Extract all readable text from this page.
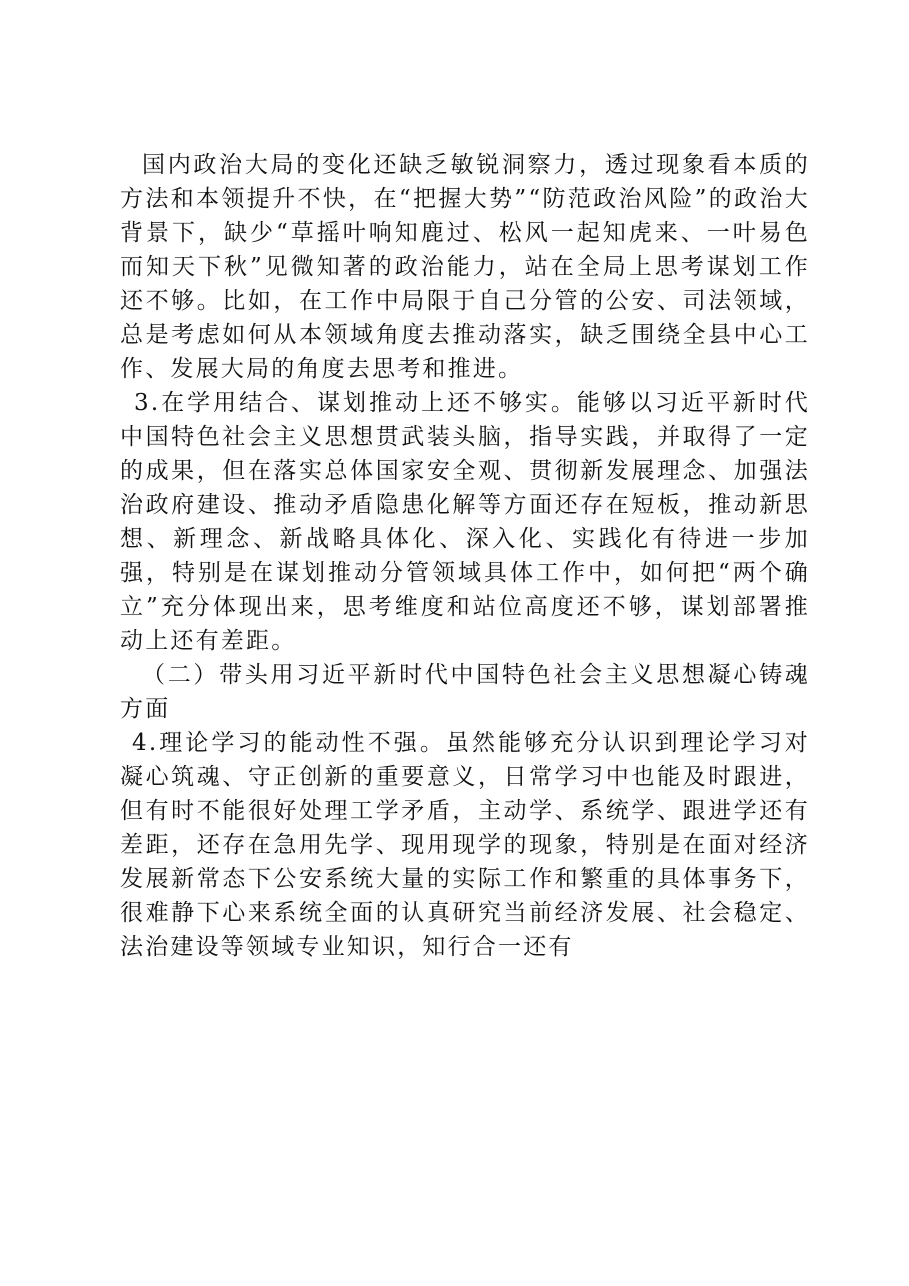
国内政治大局的变化还缺乏敏锐洞察力，透过现象看本质的方法和本领提升不快，在“把握大势”“防范政治风险”的政治大背景下，缺少“草摇叶响知鹿过、松风一起知虎来、一叶易色而知天下秋”见微知著的政治能力，站在全局上思考谋划工作还不够。比如，在工作中局限于自己分管的公安、司法领域，总是考虑如何从本领域角度去推动落实，缺乏围绕全县中心工作、发展大局的角度去思考和推进。

3.在学用结合、谋划推动上还不够实。能够以习近平新时代中国特色社会主义思想贯武装头脑，指导实践，并取得了一定的成果，但在落实总体国家安全观、贯彻新发展理念、加强法治政府建设、推动矛盾隐患化解等方面还存在短板，推动新思想、新理念、新战略具体化、深入化、实践化有待进一步加强，特别是在谋划推动分管领域具体工作中，如何把“两个确立”充分体现出来，思考维度和站位高度还不够，谋划部署推动上还有差距。

（二）带头用习近平新时代中国特色社会主义思想凝心铸魂方面

4.理论学习的能动性不强。虽然能够充分认识到理论学习对凝心筑魂、守正创新的重要意义，日常学习中也能及时跟进，但有时不能很好处理工学矛盾，主动学、系统学、跟进学还有差距，还存在急用先学、现用现学的现象，特别是在面对经济发展新常态下公安系统大量的实际工作和繁重的具体事务下，很难静下心来系统全面的认真研究当前经济发展、社会稳定、法治建设等领域专业知识，知行合一还有
